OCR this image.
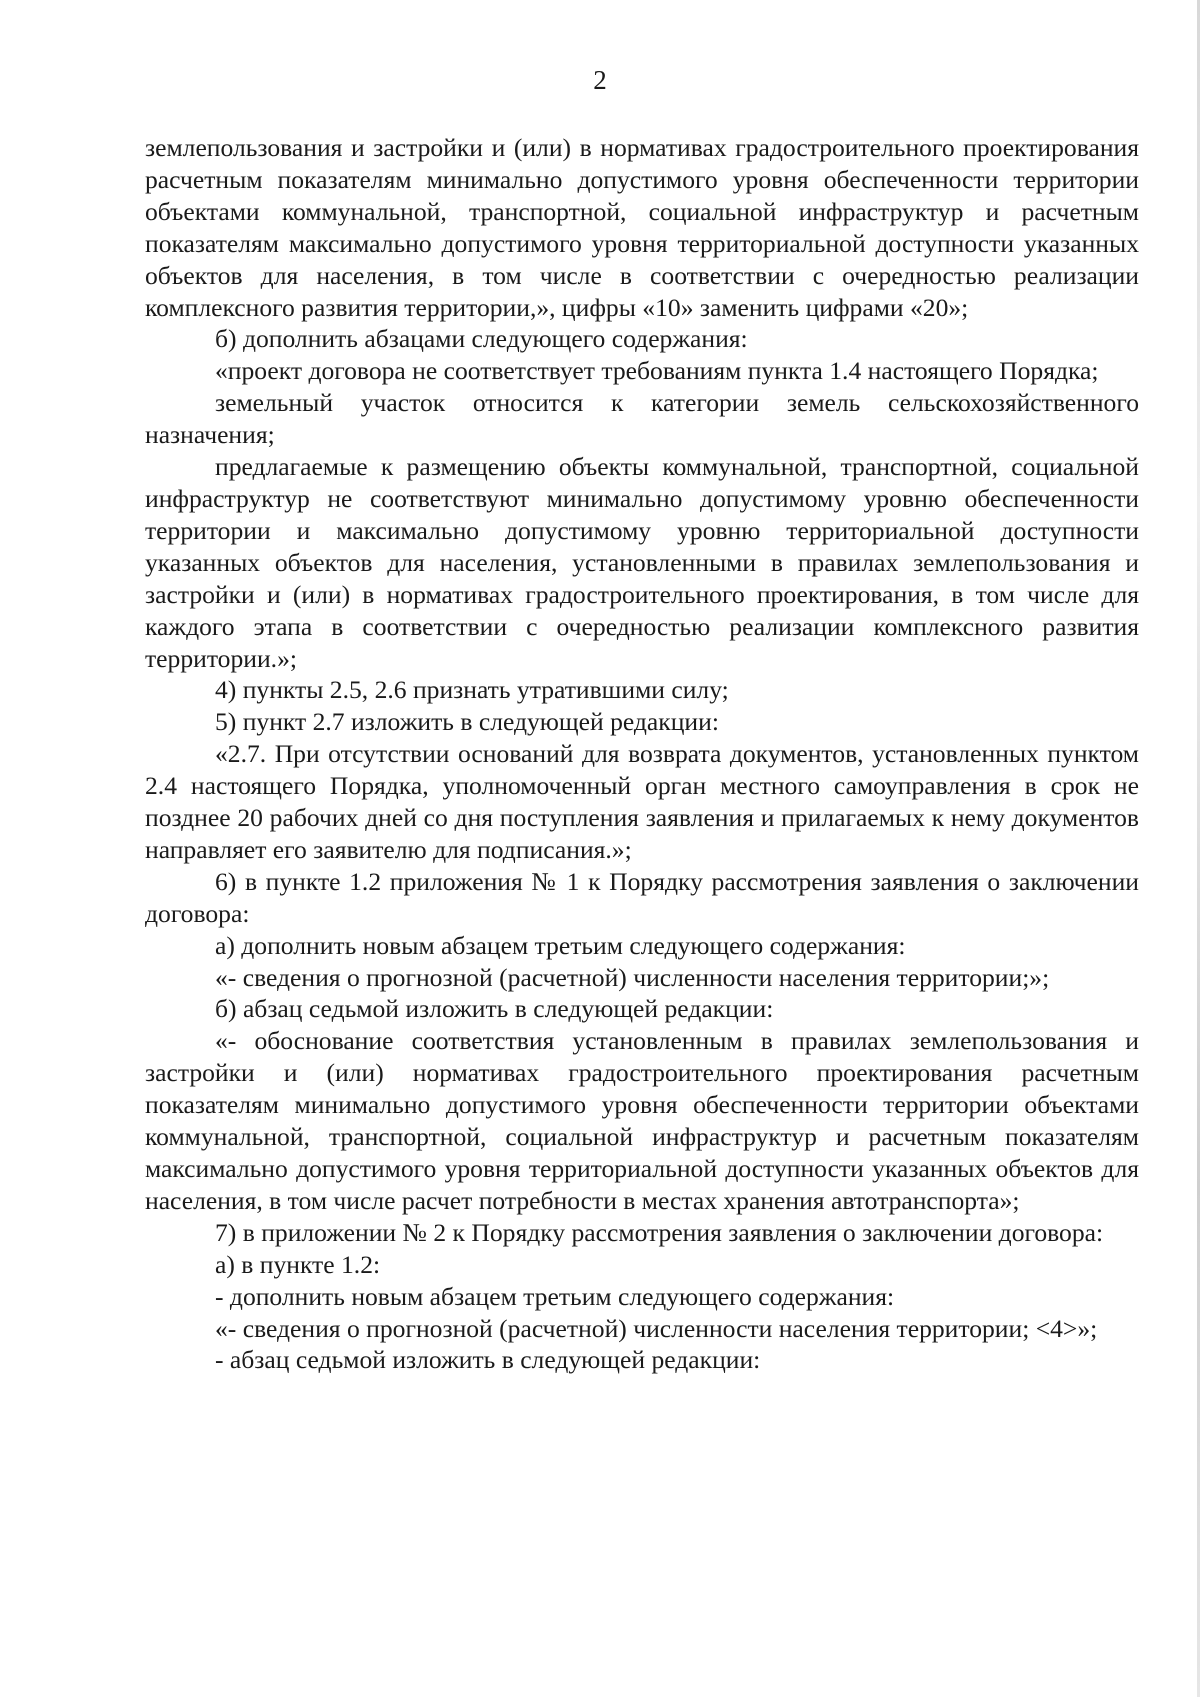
2

землепользования и застройки и (или) в нормативах градостроительного проектирования расчетным показателям минимально допустимого уровня обеспеченности территории объектами коммунальной, транспортной, социальной инфраструктур и расчетным показателям максимально допустимого уровня территориальной доступности указанных объектов для населения, в том числе в соответствии с очередностью реализации комплексного развития территории,», цифры «10» заменить цифрами «20»;

б) дополнить абзацами следующего содержания:

«проект договора не соответствует требованиям пункта 1.4 настоящего Порядка;

земельный участок относится к категории земель сельскохозяйственного назначения;

предлагаемые к размещению объекты коммунальной, транспортной, социальной инфраструктур не соответствуют минимально допустимому уровню обеспеченности территории и максимально допустимому уровню территориальной доступности указанных объектов для населения, установленными в правилах землепользования и застройки и (или) в нормативах градостроительного проектирования, в том числе для каждого этапа в соответствии с очередностью реализации комплексного развития территории.»;

4) пункты 2.5, 2.6 признать утратившими силу;

5) пункт 2.7 изложить в следующей редакции:

«2.7. При отсутствии оснований для возврата документов, установленных пунктом 2.4 настоящего Порядка, уполномоченный орган местного самоуправления в срок не позднее 20 рабочих дней со дня поступления заявления и прилагаемых к нему документов направляет его заявителю для подписания.»;

6) в пункте 1.2 приложения № 1 к Порядку рассмотрения заявления о заключении договора:

а) дополнить новым абзацем третьим следующего содержания:

«- сведения о прогнозной (расчетной) численности населения территории;»;

б) абзац седьмой изложить в следующей редакции:

«- обоснование соответствия установленным в правилах землепользования и застройки и (или) нормативах градостроительного проектирования расчетным показателям минимально допустимого уровня обеспеченности территории объектами коммунальной, транспортной, социальной инфраструктур и расчетным показателям максимально допустимого уровня территориальной доступности указанных объектов для населения, в том числе расчет потребности в местах хранения автотранспорта»;

7) в приложении № 2 к Порядку рассмотрения заявления о заключении договора:

а) в пункте 1.2:

- дополнить новым абзацем третьим следующего содержания:

«- сведения о прогнозной (расчетной) численности населения территории; <4>»;

- абзац седьмой изложить в следующей редакции:
